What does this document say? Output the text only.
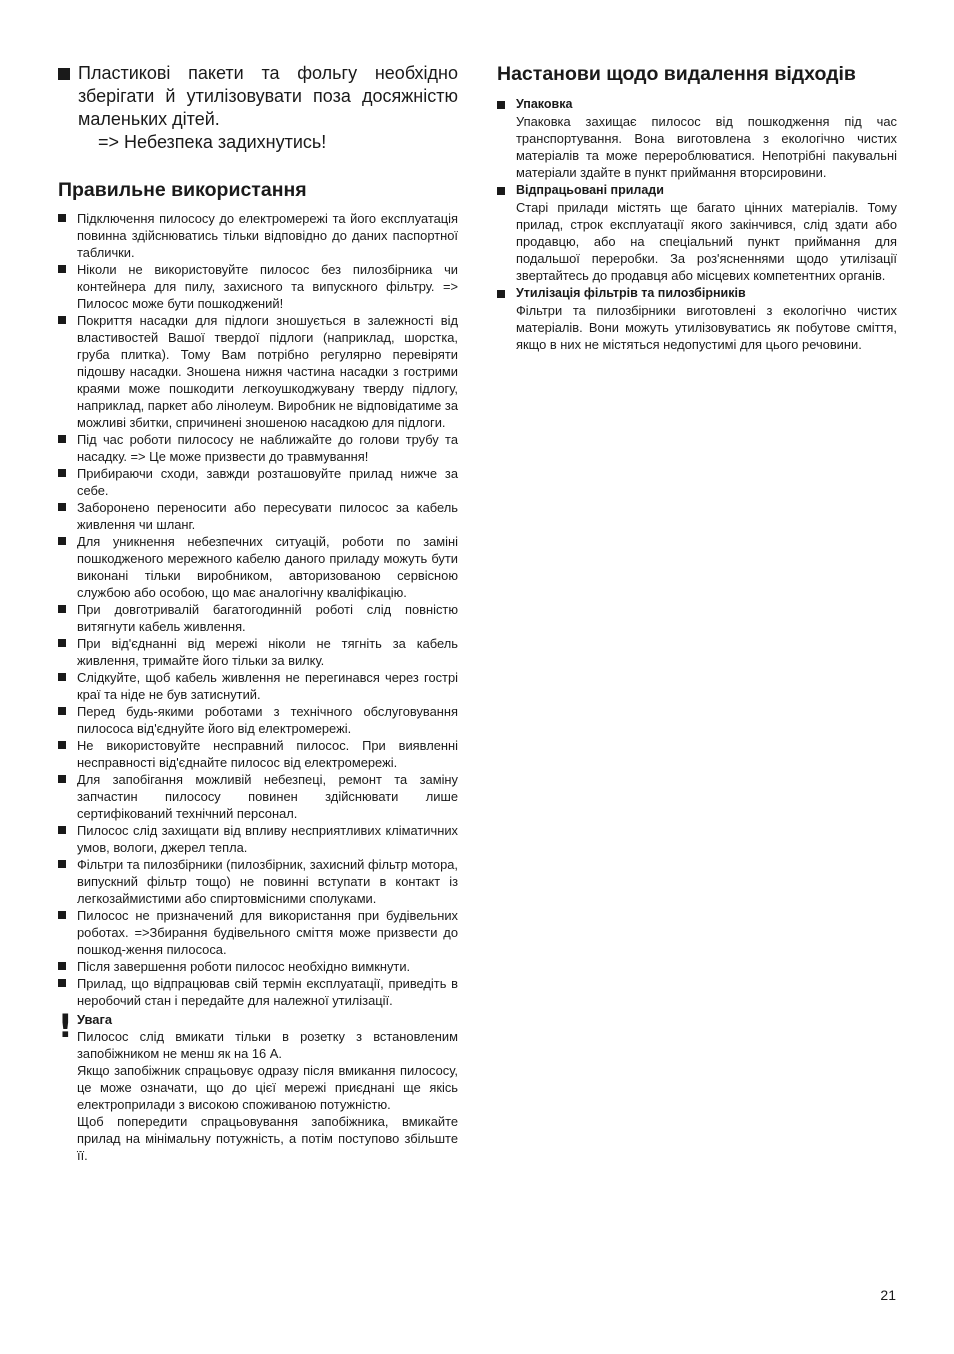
Пластикові пакети та фольгу необхідно зберігати й утилізовувати поза досяжністю маленьких дітей.
=> Небезпека задихнутись!
Правильне використання
Підключення пилососу до електромережі та його експлуатація повинна здійснюватись тільки відповідно до даних паспортної таблички.
Ніколи не використовуйте пилосос без пилозбірника чи контейнера для пилу, захисного та випускного фільтру. => Пилосос може бути пошкоджений!
Покриття насадки для підлоги зношується в залежності від властивостей Вашої твердої підлоги (наприклад, шорстка, груба плитка). Тому Вам потрібно регулярно перевіряти підошву насадки. Зношена нижня частина насадки з гострими краями може пошкодити легкоушкоджувану тверду підлогу, наприклад, паркет або лінолеум. Виробник не відповідатиме за можливі збитки, спричинені зношеною насадкою для підлоги.
Під час роботи пилососу не наближайте до голови трубу та насадку. => Це може призвести до травмування!
Прибираючи сходи, завжди розташовуйте прилад нижче за себе.
Заборонено переносити або пересувати пилосос за кабель живлення чи шланг.
Для уникнення небезпечних ситуацій, роботи по заміні пошкодженого мережного кабелю даного приладу можуть бути виконані тільки виробником, авторизованою сервісною службою або особою, що має аналогічну кваліфікацію.
При довготривалій багатогодинній роботі слід повністю витягнути кабель живлення.
При від'єднанні від мережі ніколи не тягніть за кабель живлення, тримайте його тільки за вилку.
Слідкуйте, щоб кабель живлення не перегинався через гострі краї та ніде не був затиснутий.
Перед будь-якими роботами з технічного обслуговування пилососа від'єднуйте його від електромережі.
Не використовуйте несправний пилосос. При виявленні несправності від'єднайте пилосос від електромережі.
Для запобігання можливій небезпеці, ремонт та заміну запчастин пилососу повинен здійснювати лише сертифікований технічний персонал.
Пилосос слід захищати від впливу несприятливих кліматичних умов, вологи, джерел тепла.
Фільтри та пилозбірники (пилозбірник, захисний фільтр мотора, випускний фільтр тощо) не повинні вступати в контакт із легкозаймистими або спиртовмісними сполуками.
Пилосос не призначений для використання при будівельних роботах. =>Збирання будівельного сміття може призвести до пошкод-ження пилососа.
Після завершення роботи пилосос необхідно вимкнути.
Прилад, що відпрацював свій термін експлуатації, приведіть в неробочий стан і передайте для належної утилізації.
! Увага

Пилосос слід вмикати тільки в розетку з встановленим запобіжником не менш як на 16 А.

Якщо запобіжник спрацьовує одразу після вмикання пилососу, це може означати, що до цієї мережі приєднані ще якісь електроприлади з високою споживаною потужністю.

Щоб попередити спрацьовування запобіжника, вмикайте прилад на мінімальну потужність, а потім поступово збільште її.

Настанови щодо видалення відходів
Упаковка
Упаковка захищає пилосос від пошкодження під час транспортування. Вона виготовлена з екологічно чистих матеріалів та може перероблюватися. Непотрібні пакувальні матеріали здайте в пункт приймання вторсировини.
Відпрацьовані прилади
Старі прилади містять ще багато цінних матеріалів. Тому прилад, строк експлуатації якого закінчився, слід здати або продавцю, або на спеціальний пункт приймання для подальшої переробки. За роз'ясненнями щодо утилізації звертайтесь до продавця або місцевих компетентних органів.
Утилізація фільтрів та пилозбірників
Фільтри та пилозбірники виготовлені з екологічно чистих матеріалів. Вони можуть утилізовуватись як побутове сміття, якщо в них не містяться недопустимі для цього речовини.
21
